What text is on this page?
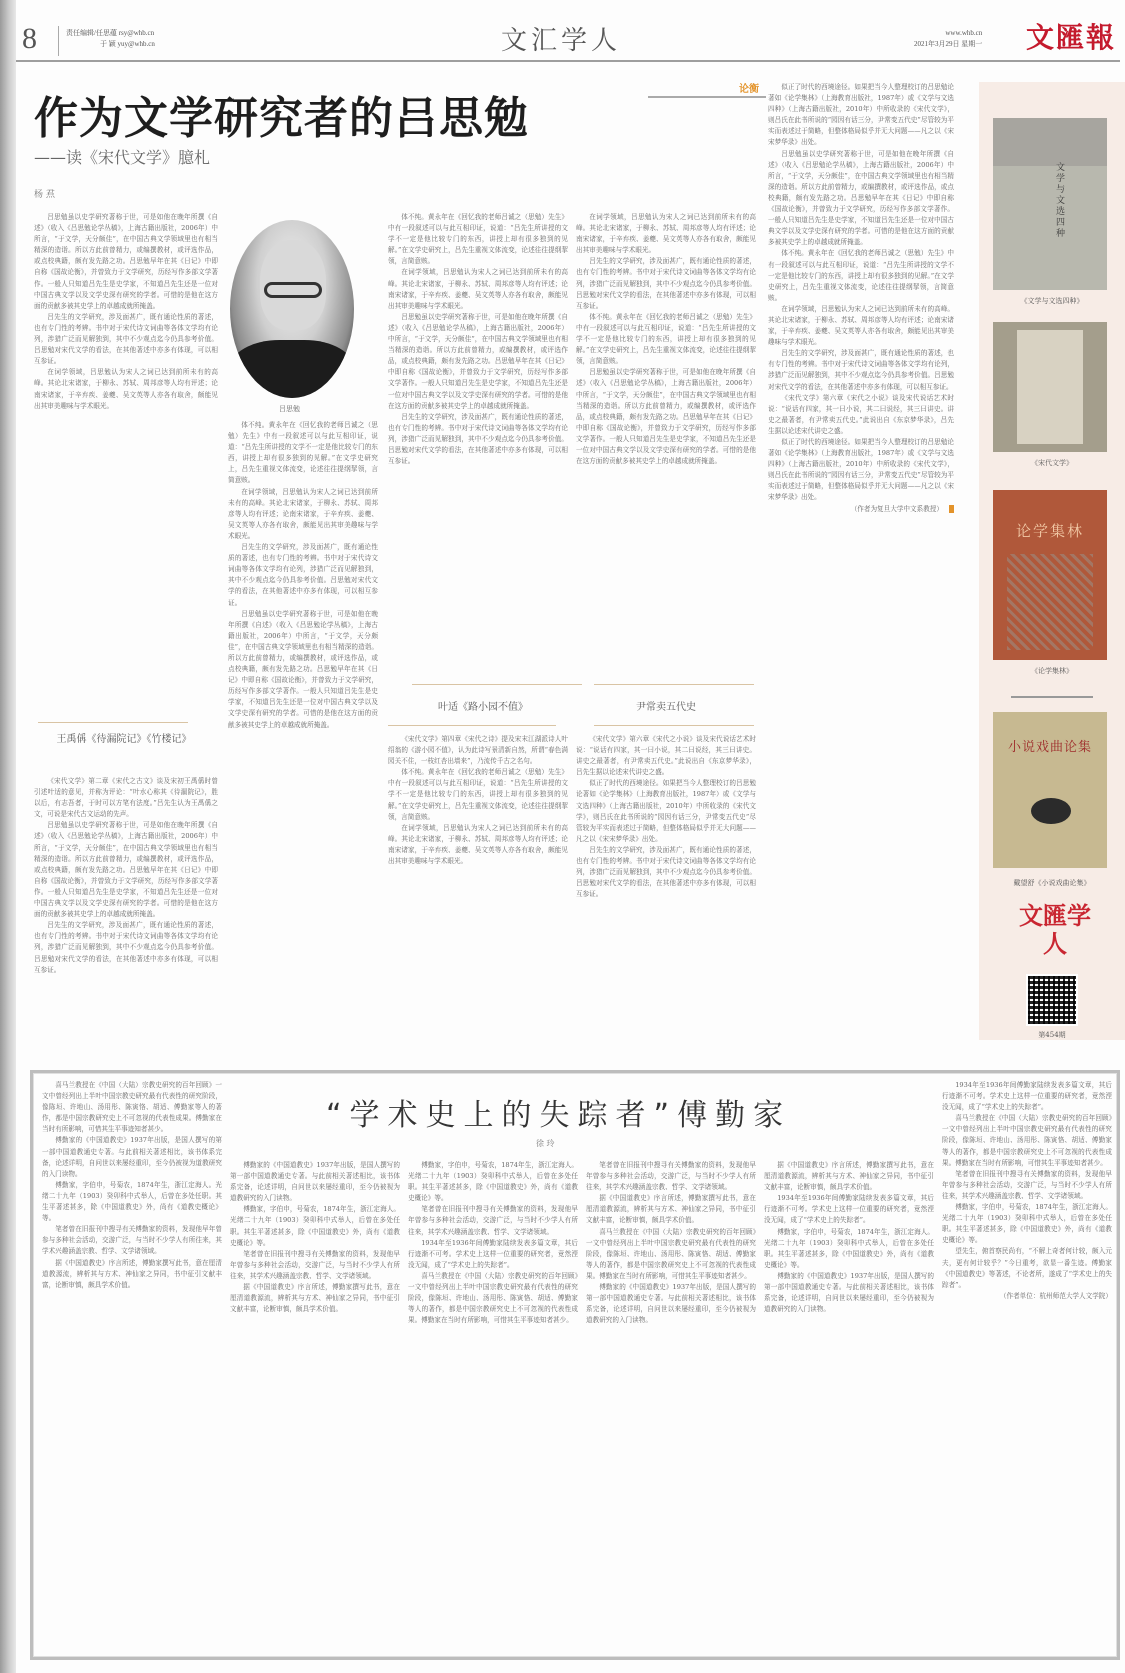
8	责任编辑/任思蕴 rsy@whb.cn
于 颖 yuy@whb.cn	文汇学人	www.whb.cn
2021年3月29日 星期一 文匯報
作为文学研究者的吕思勉
——读《宋代文学》臆札
杨 焄
论衡

吕思勉虽以史学研究著称于世，可是如他在晚年所撰《自述》（收入《吕思勉论学丛稿》，上海古籍出版社，2006年）中所言，“于文学，天分颇佳”，在中国古典文学领域里也有相当精深的造诣。所以方此前曾精力，或编撰教材，或评选作品，或点校典籍，颇有发先路之功。吕思勉早年在其《日记》中即自称《国故论衡》，并曾致力于文学研究，历经写作多部文学著作。一般人只知道吕先生是史学家，不知道吕先生还是一位对中国古典文学以及文学史深有研究的学者。可惜的是他在这方面的贡献多被其史学上的卓越成就所掩盖。

吕先生的文学研究，涉及面甚广，既有通论性质的著述，也有专门性的考辨。书中对于宋代诗文词曲等各体文学均有论列，涉猎广泛而见解独到，其中不少观点迄今仍具参考价值。吕思勉对宋代文学的看法，在其他著述中亦多有体现，可以相互参证。

在词学领域，吕思勉认为宋人之词已达到前所未有的高峰。其论北宋诸家，于柳永、苏轼、周邦彦等人均有评述；论南宋诸家，于辛弃疾、姜夔、吴文英等人亦各有取舍，颇能见出其审美趣味与学术眼光。	吕思勉

体不纯。黄永年在《回忆我的老师吕诚之（思勉）先生》中有一段叙述可以与此互相印证，说道：“吕先生所讲授的文学不一定是他比较专门的东西，讲授上却有很多独到的见解。”在文学史研究上，吕先生重视文体流变，论述往往提纲挈领，言简意赅。

在词学领域，吕思勉认为宋人之词已达到前所未有的高峰。其论北宋诸家，于柳永、苏轼、周邦彦等人均有评述；论南宋诸家，于辛弃疾、姜夔、吴文英等人亦各有取舍，颇能见出其审美趣味与学术眼光。

吕先生的文学研究，涉及面甚广，既有通论性质的著述，也有专门性的考辨。书中对于宋代诗文词曲等各体文学均有论列，涉猎广泛而见解独到，其中不少观点迄今仍具参考价值。吕思勉对宋代文学的看法，在其他著述中亦多有体现，可以相互参证。

吕思勉虽以史学研究著称于世，可是如他在晚年所撰《自述》（收入《吕思勉论学丛稿》，上海古籍出版社，2006年）中所言，“于文学，天分颇佳”，在中国古典文学领域里也有相当精深的造诣。所以方此前曾精力，或编撰教材，或评选作品，或点校典籍，颇有发先路之功。吕思勉早年在其《日记》中即自称《国故论衡》，并曾致力于文学研究，历经写作多部文学著作。一般人只知道吕先生是史学家，不知道吕先生还是一位对中国古典文学以及文学史深有研究的学者。可惜的是他在这方面的贡献多被其史学上的卓越成就所掩盖。

体不纯。黄永年在《回忆我的老师吕诚之（思勉）先生》中有一段叙述可以与此互相印证，说道：“吕先生所讲授的文学不一定是他比较专门的东西，讲授上却有很多独到的见解。”在文学史研究上，吕先生重视文体流变，论述往往提纲挈领，言简意赅。

在词学领域，吕思勉认为宋人之词已达到前所未有的高峰。其论北宋诸家，于柳永、苏轼、周邦彦等人均有评述；论南宋诸家，于辛弃疾、姜夔、吴文英等人亦各有取舍，颇能见出其审美趣味与学术眼光。

吕思勉虽以史学研究著称于世，可是如他在晚年所撰《自述》（收入《吕思勉论学丛稿》，上海古籍出版社，2006年）中所言，“于文学，天分颇佳”，在中国古典文学领域里也有相当精深的造诣。所以方此前曾精力，或编撰教材，或评选作品，或点校典籍，颇有发先路之功。吕思勉早年在其《日记》中即自称《国故论衡》，并曾致力于文学研究，历经写作多部文学著作。一般人只知道吕先生是史学家，不知道吕先生还是一位对中国古典文学以及文学史深有研究的学者。可惜的是他在这方面的贡献多被其史学上的卓越成就所掩盖。

吕先生的文学研究，涉及面甚广，既有通论性质的著述，也有专门性的考辨。书中对于宋代诗文词曲等各体文学均有论列，涉猎广泛而见解独到，其中不少观点迄今仍具参考价值。吕思勉对宋代文学的看法，在其他著述中亦多有体现，可以相互参证。

在词学领域，吕思勉认为宋人之词已达到前所未有的高峰。其论北宋诸家，于柳永、苏轼、周邦彦等人均有评述；论南宋诸家，于辛弃疾、姜夔、吴文英等人亦各有取舍，颇能见出其审美趣味与学术眼光。

吕先生的文学研究，涉及面甚广，既有通论性质的著述，也有专门性的考辨。书中对于宋代诗文词曲等各体文学均有论列，涉猎广泛而见解独到，其中不少观点迄今仍具参考价值。吕思勉对宋代文学的看法，在其他著述中亦多有体现，可以相互参证。

体不纯。黄永年在《回忆我的老师吕诚之（思勉）先生》中有一段叙述可以与此互相印证，说道：“吕先生所讲授的文学不一定是他比较专门的东西，讲授上却有很多独到的见解。”在文学史研究上，吕先生重视文体流变，论述往往提纲挈领，言简意赅。

吕思勉虽以史学研究著称于世，可是如他在晚年所撰《自述》（收入《吕思勉论学丛稿》，上海古籍出版社，2006年）中所言，“于文学，天分颇佳”，在中国古典文学领域里也有相当精深的造诣。所以方此前曾精力，或编撰教材，或评选作品，或点校典籍，颇有发先路之功。吕思勉早年在其《日记》中即自称《国故论衡》，并曾致力于文学研究，历经写作多部文学著作。一般人只知道吕先生是史学家，不知道吕先生还是一位对中国古典文学以及文学史深有研究的学者。可惜的是他在这方面的贡献多被其史学上的卓越成就所掩盖。

似正了时代的西境途径。如果把当今人整理校订的吕思勉论著如《论学集林》（上海教育出版社，1987年）或《文学与文选四种》（上海古籍出版社，2010年）中所收录的《宋代文学》，则吕氏在此书所说的“园因有话三分，尹常变五代史”尽管较为平实而表述过于简略，但整体格局似乎并无大问题——凡之以《宋宋梦华录》出处。

吕思勉虽以史学研究著称于世，可是如他在晚年所撰《自述》（收入《吕思勉论学丛稿》，上海古籍出版社，2006年）中所言，“于文学，天分颇佳”，在中国古典文学领域里也有相当精深的造诣。所以方此前曾精力，或编撰教材，或评选作品，或点校典籍，颇有发先路之功。吕思勉早年在其《日记》中即自称《国故论衡》，并曾致力于文学研究，历经写作多部文学著作。一般人只知道吕先生是史学家，不知道吕先生还是一位对中国古典文学以及文学史深有研究的学者。可惜的是他在这方面的贡献多被其史学上的卓越成就所掩盖。

体不纯。黄永年在《回忆我的老师吕诚之（思勉）先生》中有一段叙述可以与此互相印证，说道：“吕先生所讲授的文学不一定是他比较专门的东西，讲授上却有很多独到的见解。”在文学史研究上，吕先生重视文体流变，论述往往提纲挈领，言简意赅。

在词学领域，吕思勉认为宋人之词已达到前所未有的高峰。其论北宋诸家，于柳永、苏轼、周邦彦等人均有评述；论南宋诸家，于辛弃疾、姜夔、吴文英等人亦各有取舍，颇能见出其审美趣味与学术眼光。

吕先生的文学研究，涉及面甚广，既有通论性质的著述，也有专门性的考辨。书中对于宋代诗文词曲等各体文学均有论列，涉猎广泛而见解独到，其中不少观点迄今仍具参考价值。吕思勉对宋代文学的看法，在其他著述中亦多有体现，可以相互参证。

《宋代文学》第六章《宋代之小说》谈及宋代说话艺术时说：“说话有四家，其一曰小说，其二曰说经，其三曰讲史。讲史之最著者，有尹常卖五代史。”此说出自《东京梦华录》，吕先生据以论述宋代讲史之盛。

似正了时代的西境途径。如果把当今人整理校订的吕思勉论著如《论学集林》（上海教育出版社，1987年）或《文学与文选四种》（上海古籍出版社，2010年）中所收录的《宋代文学》，则吕氏在此书所说的“园因有话三分，尹常变五代史”尽管较为平实而表述过于简略，但整体格局似乎并无大问题——凡之以《宋宋梦华录》出处。

（作者为复旦大学中文系教授）

王禹偁《待漏院记》《竹楼记》

《宋代文学》第二章《宋代之古文》谈及宋初王禹偁时曾引述叶适的意见，并称为评论：“叶水心称其《待漏院记》，胜以后，有志吾者，于时可以方笔有法度。”吕先生认为王禹偁之文，可说是宋代古文运动的先声。

吕思勉虽以史学研究著称于世，可是如他在晚年所撰《自述》（收入《吕思勉论学丛稿》，上海古籍出版社，2006年）中所言，“于文学，天分颇佳”，在中国古典文学领域里也有相当精深的造诣。所以方此前曾精力，或编撰教材，或评选作品，或点校典籍，颇有发先路之功。吕思勉早年在其《日记》中即自称《国故论衡》，并曾致力于文学研究，历经写作多部文学著作。一般人只知道吕先生是史学家，不知道吕先生还是一位对中国古典文学以及文学史深有研究的学者。可惜的是他在这方面的贡献多被其史学上的卓越成就所掩盖。

吕先生的文学研究，涉及面甚广，既有通论性质的著述，也有专门性的考辨。书中对于宋代诗文词曲等各体文学均有论列，涉猎广泛而见解独到，其中不少观点迄今仍具参考价值。吕思勉对宋代文学的看法，在其他著述中亦多有体现，可以相互参证。

叶适《路小园不值》	尹常卖五代史

《宋代文学》第四章《宋代之诗》提及宋末江湖派诗人叶绍翁的《游小园不值》，认为此诗写景清新自然，所谓“春色满园关不住，一枝红杏出墙来”，乃流传千古之名句。

体不纯。黄永年在《回忆我的老师吕诚之（思勉）先生》中有一段叙述可以与此互相印证，说道：“吕先生所讲授的文学不一定是他比较专门的东西，讲授上却有很多独到的见解。”在文学史研究上，吕先生重视文体流变，论述往往提纲挈领，言简意赅。

在词学领域，吕思勉认为宋人之词已达到前所未有的高峰。其论北宋诸家，于柳永、苏轼、周邦彦等人均有评述；论南宋诸家，于辛弃疾、姜夔、吴文英等人亦各有取舍，颇能见出其审美趣味与学术眼光。

《宋代文学》第六章《宋代之小说》谈及宋代说话艺术时说：“说话有四家，其一曰小说，其二曰说经，其三曰讲史。讲史之最著者，有尹常卖五代史。”此说出自《东京梦华录》，吕先生据以论述宋代讲史之盛。

似正了时代的西境途径。如果把当今人整理校订的吕思勉论著如《论学集林》（上海教育出版社，1987年）或《文学与文选四种》（上海古籍出版社，2010年）中所收录的《宋代文学》，则吕氏在此书所说的“园因有话三分，尹常变五代史”尽管较为平实而表述过于简略，但整体格局似乎并无大问题——凡之以《宋宋梦华录》出处。

吕先生的文学研究，涉及面甚广，既有通论性质的著述，也有专门性的考辨。书中对于宋代诗文词曲等各体文学均有论列，涉猎广泛而见解独到，其中不少观点迄今仍具参考价值。吕思勉对宋代文学的看法，在其他著述中亦多有体现，可以相互参证。

文学与文选四种
《文学与文选四种》
《宋代文学》
论学集林
《论学集林》
小说戏曲论集
戴望舒《小说戏曲论集》
文匯学人
第454期
“学术史上的失踪者”傅勤家
徐 玲

喜马兰教授在《中国（大陆）宗教史研究的百年回顾》一文中曾经列出上半叶中国宗教史研究最有代表性的研究阶段，像陈垣、许地山、汤用彤、陈寅恪、胡适、傅勤家等人的著作，都是中国宗教研究史上不可忽视的代表性成果。傅勤家在当时有所影响，可惜其生平事迹知者甚少。

傅勤家的《中国道教史》1937年出版，是国人撰写的第一部中国道教通史专著。与此前相关著述相比，该书体系完备，论述详明，自问世以来屡经重印，至今仍被视为道教研究的入门读物。

傅勤家，字伯申，号菊农，1874年生，浙江定海人。光绪二十九年（1903）癸卯科中式举人，后曾在多处任职。其生平著述甚多，除《中国道教史》外，尚有《道教史概论》等。

笔者曾在旧报刊中搜寻有关傅勤家的资料，发现他早年曾参与多种社会活动，交游广泛，与当时不少学人有所往来，其学术兴趣涵盖宗教、哲学、文学诸领域。

据《中国道教史》序言所述，傅勤家撰写此书，意在厘清道教源流，辨析其与方术、神仙家之异同，书中征引文献丰富，论断审慎，颇具学术价值。

傅勤家的《中国道教史》1937年出版，是国人撰写的第一部中国道教通史专著。与此前相关著述相比，该书体系完备，论述详明，自问世以来屡经重印，至今仍被视为道教研究的入门读物。

傅勤家，字伯申，号菊农，1874年生，浙江定海人。光绪二十九年（1903）癸卯科中式举人，后曾在多处任职。其生平著述甚多，除《中国道教史》外，尚有《道教史概论》等。

笔者曾在旧报刊中搜寻有关傅勤家的资料，发现他早年曾参与多种社会活动，交游广泛，与当时不少学人有所往来，其学术兴趣涵盖宗教、哲学、文学诸领域。

据《中国道教史》序言所述，傅勤家撰写此书，意在厘清道教源流，辨析其与方术、神仙家之异同，书中征引文献丰富，论断审慎，颇具学术价值。

傅勤家，字伯申，号菊农，1874年生，浙江定海人。光绪二十九年（1903）癸卯科中式举人，后曾在多处任职。其生平著述甚多，除《中国道教史》外，尚有《道教史概论》等。

笔者曾在旧报刊中搜寻有关傅勤家的资料，发现他早年曾参与多种社会活动，交游广泛，与当时不少学人有所往来，其学术兴趣涵盖宗教、哲学、文学诸领域。

1934年至1936年间傅勤家陆续发表多篇文章，其后行迹渐不可考。学术史上这样一位重要的研究者，竟然湮没无闻，成了“学术史上的失踪者”。

喜马兰教授在《中国（大陆）宗教史研究的百年回顾》一文中曾经列出上半叶中国宗教史研究最有代表性的研究阶段，像陈垣、许地山、汤用彤、陈寅恪、胡适、傅勤家等人的著作，都是中国宗教研究史上不可忽视的代表性成果。傅勤家在当时有所影响，可惜其生平事迹知者甚少。

笔者曾在旧报刊中搜寻有关傅勤家的资料，发现他早年曾参与多种社会活动，交游广泛，与当时不少学人有所往来，其学术兴趣涵盖宗教、哲学、文学诸领域。

据《中国道教史》序言所述，傅勤家撰写此书，意在厘清道教源流，辨析其与方术、神仙家之异同，书中征引文献丰富，论断审慎，颇具学术价值。

喜马兰教授在《中国（大陆）宗教史研究的百年回顾》一文中曾经列出上半叶中国宗教史研究最有代表性的研究阶段，像陈垣、许地山、汤用彤、陈寅恪、胡适、傅勤家等人的著作，都是中国宗教研究史上不可忽视的代表性成果。傅勤家在当时有所影响，可惜其生平事迹知者甚少。

傅勤家的《中国道教史》1937年出版，是国人撰写的第一部中国道教通史专著。与此前相关著述相比，该书体系完备，论述详明，自问世以来屡经重印，至今仍被视为道教研究的入门读物。

据《中国道教史》序言所述，傅勤家撰写此书，意在厘清道教源流，辨析其与方术、神仙家之异同，书中征引文献丰富，论断审慎，颇具学术价值。

1934年至1936年间傅勤家陆续发表多篇文章，其后行迹渐不可考。学术史上这样一位重要的研究者，竟然湮没无闻，成了“学术史上的失踪者”。

傅勤家，字伯申，号菊农，1874年生，浙江定海人。光绪二十九年（1903）癸卯科中式举人，后曾在多处任职。其生平著述甚多，除《中国道教史》外，尚有《道教史概论》等。

傅勤家的《中国道教史》1937年出版，是国人撰写的第一部中国道教通史专著。与此前相关著述相比，该书体系完备，论述详明，自问世以来屡经重印，至今仍被视为道教研究的入门读物。

1934年至1936年间傅勤家陆续发表多篇文章，其后行迹渐不可考。学术史上这样一位重要的研究者，竟然湮没无闻，成了“学术史上的失踪者”。

喜马兰教授在《中国（大陆）宗教史研究的百年回顾》一文中曾经列出上半叶中国宗教史研究最有代表性的研究阶段，像陈垣、许地山、汤用彤、陈寅恪、胡适、傅勤家等人的著作，都是中国宗教研究史上不可忽视的代表性成果。傅勤家在当时有所影响，可惜其生平事迹知者甚少。

笔者曾在旧报刊中搜寻有关傅勤家的资料，发现他早年曾参与多种社会活动，交游广泛，与当时不少学人有所往来，其学术兴趣涵盖宗教、哲学、文学诸领域。

傅勤家，字伯申，号菊农，1874年生，浙江定海人。光绪二十九年（1903）癸卯科中式举人，后曾在多处任职。其生平著述甚多，除《中国道教史》外，尚有《道教史概论》等。

望先生，俯首察民尚有，“不解上奇者何计较，颇入元夫，更有何计较乎？”今日重考，欲显一番生迹。傅勤家《中国道教史》等著述，不论者所，遂成了“学术史上的失踪者”。

（作者单位：杭州师范大学人文学院）
